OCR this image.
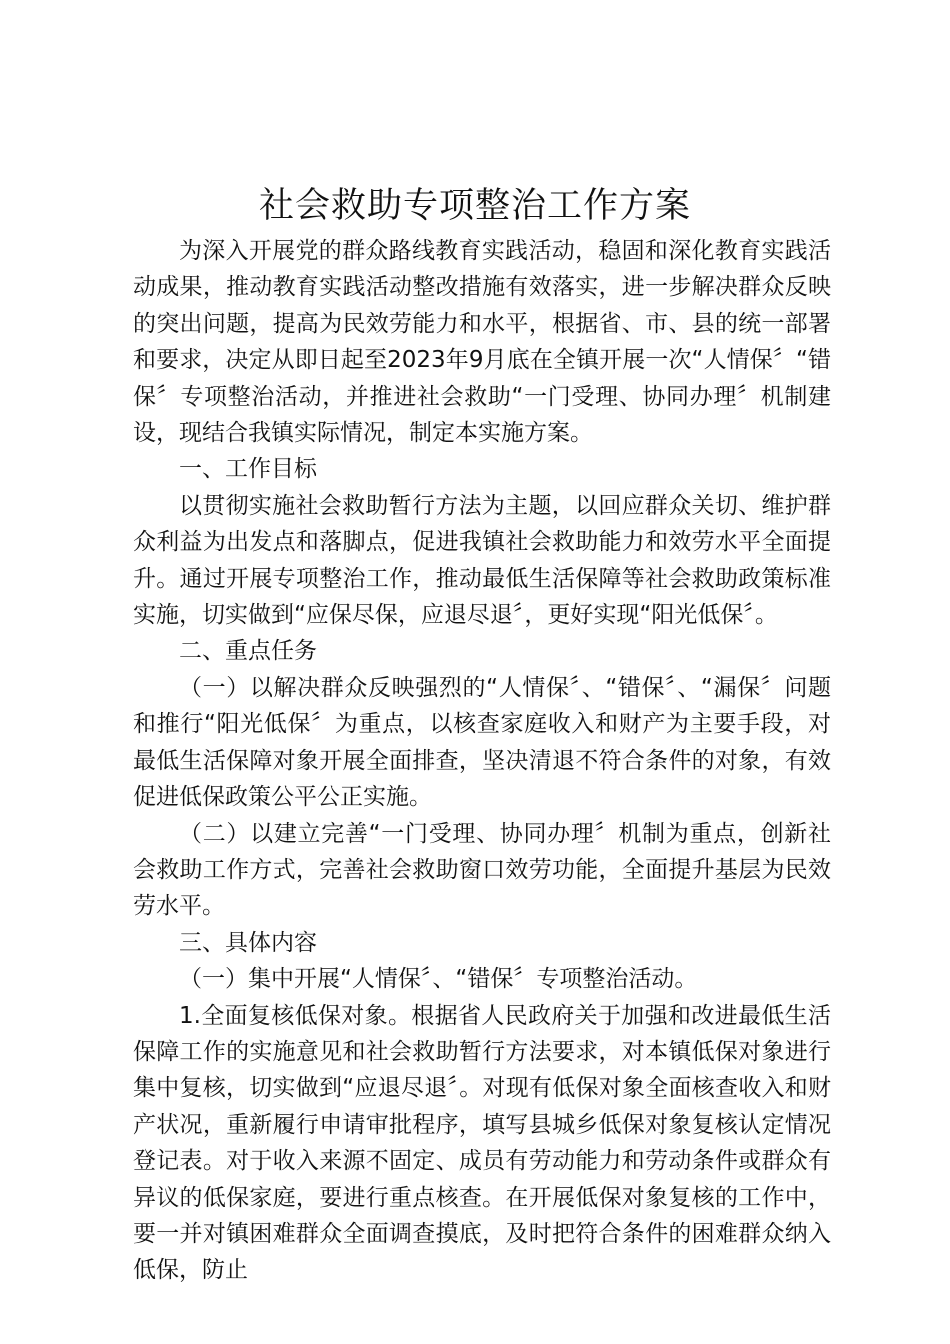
社会救助专项整治工作方案

为深入开展党的群众路线教育实践活动，稳固和深化教育实践活动成果，推动教育实践活动整改措施有效落实，进一步解决群众反映的突出问题，提高为民效劳能力和水平，根据省、市、县的统一部署和要求，决定从即日起至2023年9月底在全镇开展一次“人情保〞“错保〞专项整治活动，并推进社会救助“一门受理、协同办理〞机制建设，现结合我镇实际情况，制定本实施方案。

一、工作目标

以贯彻实施社会救助暂行方法为主题，以回应群众关切、维护群众利益为出发点和落脚点，促进我镇社会救助能力和效劳水平全面提升。通过开展专项整治工作，推动最低生活保障等社会救助政策标准实施，切实做到“应保尽保，应退尽退〞，更好实现“阳光低保〞。

二、重点任务

（一）以解决群众反映强烈的“人情保〞、“错保〞、“漏保〞问题和推行“阳光低保〞为重点，以核查家庭收入和财产为主要手段，对最低生活保障对象开展全面排查，坚决清退不符合条件的对象，有效促进低保政策公平公正实施。

（二）以建立完善“一门受理、协同办理〞机制为重点，创新社会救助工作方式，完善社会救助窗口效劳功能，全面提升基层为民效劳水平。

三、具体内容

（一）集中开展“人情保〞、“错保〞专项整治活动。

1.全面复核低保对象。根据省人民政府关于加强和改进最低生活保障工作的实施意见和社会救助暂行方法要求，对本镇低保对象进行集中复核，切实做到“应退尽退〞。对现有低保对象全面核查收入和财产状况，重新履行申请审批程序，填写县城乡低保对象复核认定情况登记表。对于收入来源不固定、成员有劳动能力和劳动条件或群众有异议的低保家庭，要进行重点核查。在开展低保对象复核的工作中，要一并对镇困难群众全面调查摸底，及时把符合条件的困难群众纳入低保，防止
